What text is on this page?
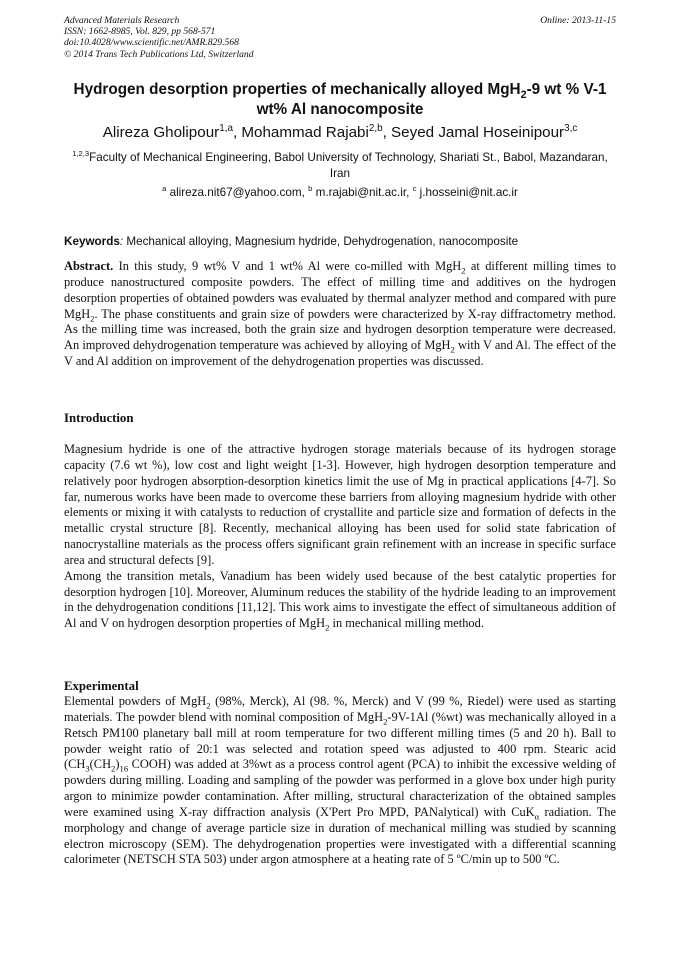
Advanced Materials Research
ISSN: 1662-8985, Vol. 829, pp 568-571
doi:10.4028/www.scientific.net/AMR.829.568
© 2014 Trans Tech Publications Ltd, Switzerland
Online: 2013-11-15
Hydrogen desorption properties of mechanically alloyed MgH$_2$-9 wt % V-1 wt% Al nanocomposite
Alireza Gholipour$^{1,a}$, Mohammad Rajabi$^{2,b}$, Seyed Jamal Hoseinipour$^{3,c}$
$^{1,2,3}$Faculty of Mechanical Engineering, Babol University of Technology, Shariati St., Babol, Mazandaran, Iran
$^a$ alireza.nit67@yahoo.com, $^b$ m.rajabi@nit.ac.ir, $^c$ j.hosseini@nit.ac.ir
Keywords: Mechanical alloying, Magnesium hydride, Dehydrogenation, nanocomposite
Abstract. In this study, 9 wt% V and 1 wt% Al were co-milled with MgH$_2$ at different milling times to produce nanostructured composite powders. The effect of milling time and additives on the hydrogen desorption properties of obtained powders was evaluated by thermal analyzer method and compared with pure MgH$_2$. The phase constituents and grain size of powders were characterized by X-ray diffractometry method. As the milling time was increased, both the grain size and hydrogen desorption temperature were decreased. An improved dehydrogenation temperature was achieved by alloying of MgH$_2$ with V and Al. The effect of the V and Al addition on improvement of the dehydrogenation properties was discussed.
Introduction

Magnesium hydride is one of the attractive hydrogen storage materials because of its hydrogen storage capacity (7.6 wt %), low cost and light weight [1-3]. However, high hydrogen desorption temperature and relatively poor hydrogen absorption-desorption kinetics limit the use of Mg in practical applications [4-7]. So far, numerous works have been made to overcome these barriers from alloying magnesium hydride with other elements or mixing it with catalysts to reduction of crystallite and particle size and formation of defects in the metallic crystal structure [8]. Recently, mechanical alloying has been used for solid state fabrication of nanocrystalline materials as the process offers significant grain refinement with an increase in specific surface area and structural defects [9].

Among the transition metals, Vanadium has been widely used because of the best catalytic properties for desorption hydrogen [10]. Moreover, Aluminum reduces the stability of the hydride leading to an improvement in the dehydrogenation conditions [11,12]. This work aims to investigate the effect of simultaneous addition of Al and V on hydrogen desorption properties of MgH$_2$ in mechanical milling method.

Experimental
Elemental powders of MgH$_2$ (98%, Merck), Al (98. %, Merck) and V (99 %, Riedel) were used as starting materials. The powder blend with nominal composition of MgH$_2$-9V-1Al (%wt) was mechanically alloyed in a Retsch PM100 planetary ball mill at room temperature for two different milling times (5 and 20 h). Ball to powder weight ratio of 20:1 was selected and rotation speed was adjusted to 400 rpm. Stearic acid ($CH_3(CH_2)_{16}$ COOH) was added at 3%wt as a process control agent (PCA) to inhibit the excessive welding of powders during milling. Loading and sampling of the powder was performed in a glove box under high purity argon to minimize powder contamination. After milling, structural characterization of the obtained samples were examined using X-ray diffraction analysis (X'Pert Pro MPD, PANalytical) with CuK$_\alpha$ radiation. The morphology and change of average particle size in duration of mechanical milling was studied by scanning electron microscopy (SEM). The dehydrogenation properties were investigated with a differential scanning calorimeter (NETSCH STA 503) under argon atmosphere at a heating rate of 5 ºC/min up to 500 ºC.
